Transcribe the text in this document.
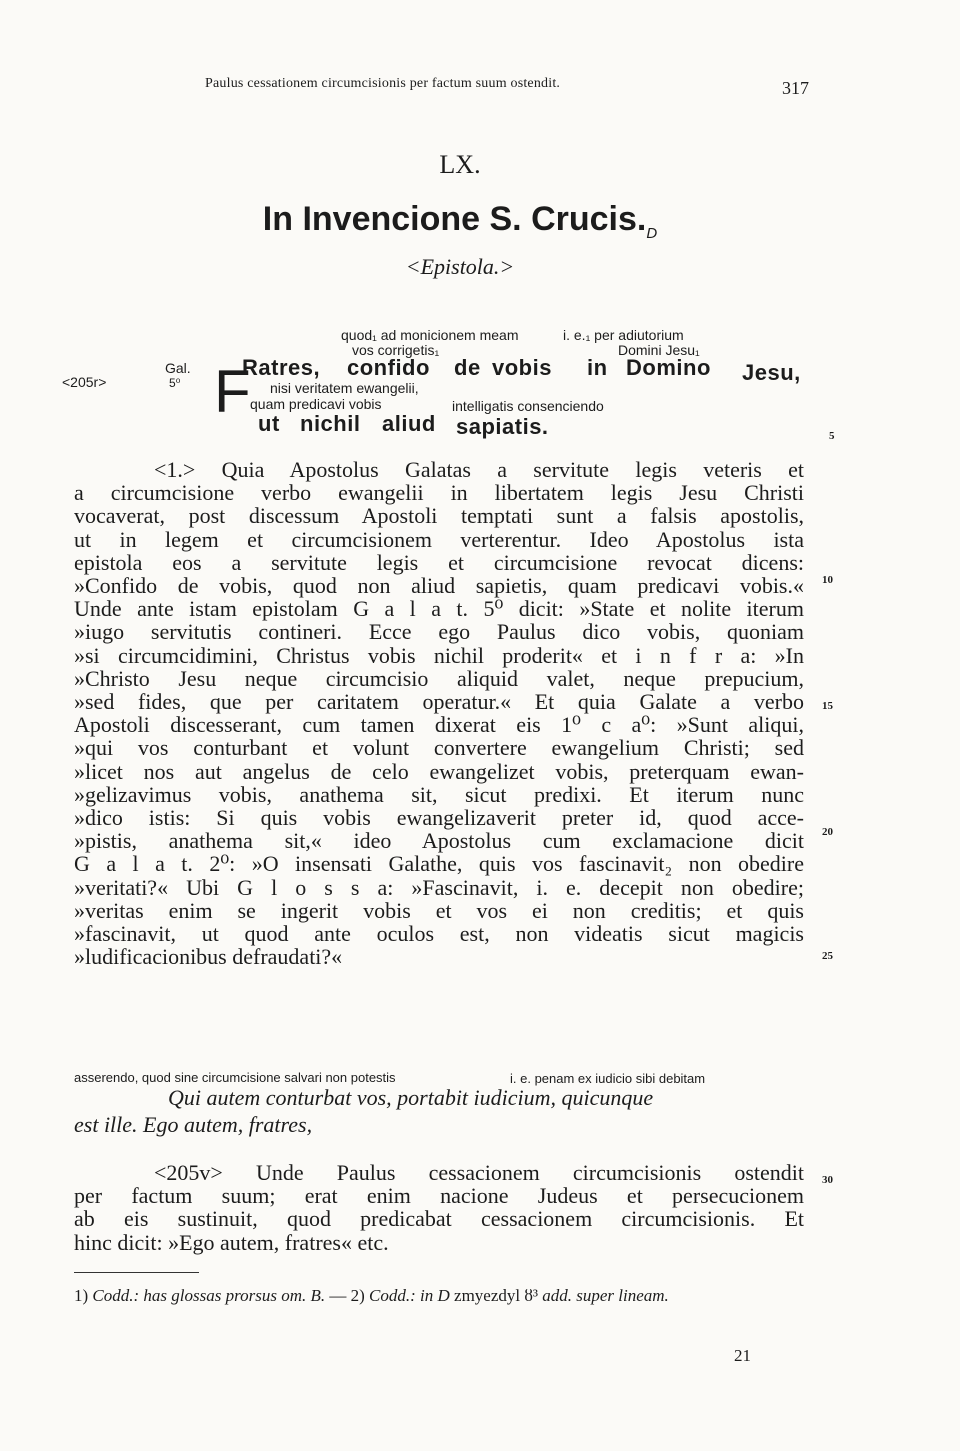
Paulus cessationem circumcisionis per factum suum ostendit.	317
LX.
In Invencione S. $Crucis._D$
<Epistola.>
<205r>
Gal.
5⁰
quod₁ ad monicionem meam
vos corrigetis₁
i. e.₁ per adiutorium
Domini Jesu₁
F
Ratres, confido de vobis in Domino Jesu,
nisi veritatem ewangelii,
quam predicavi vobis	intelligatis consenciendo
ut nichil aliud sapiatis.	5
10
15
20
25
30

<1.> Quia Apostolus Galatas a servitute legis veteris et

a circumcisione verbo ewangelii in libertatem legis Jesu Christi

vocaverat, post discessum Apostoli temptati sunt a falsis apostolis,

ut in legem et circumcisionem verterentur. Ideo Apostolus ista

epistola eos a servitute legis et circumcisione revocat dicens:

»Confido de vobis, quod non aliud sapietis, quam predicavi vobis.«

Unde ante istam epistolam G a l a t. 5⁰ dicit: »State et nolite iterum

»iugo servitutis contineri. Ecce ego Paulus dico vobis, quoniam

»si circumcidimini, Christus vobis nichil proderit« et i n f r a: »In

»Christo Jesu neque circumcisio aliquid valet, neque prepucium,

»sed fides, que per caritatem operatur.« Et quia Galate a verbo

Apostoli discesserant, cum tamen dixerat eis 1⁰ c a⁰: »Sunt aliqui,

»qui vos conturbant et volunt convertere ewangelium Christi; sed

»licet nos aut angelus de celo ewangelizet vobis, preterquam ewan-

»gelizavimus vobis, anathema sit, sicut predixi. Et iterum nunc

»dico istis: Si quis vobis ewangelizaverit preter id, quod acce-

»pistis, anathema sit,« ideo Apostolus cum exclamacione dicit

G a l a t. 2⁰: »O insensati Galathe, quis vos fascinavit₂ non obedire

»veritati?« Ubi G l o s s a: »Fascinavit, i. e. decepit non obedire;

»veritas enim se ingerit vobis et vos ei non creditis; et quis

»fascinavit, ut quod ante oculos est, non videatis sicut magicis

»ludificacionibus defraudati?«

asserendo, quod sine circumcisione salvari non potestis	i. e. penam ex iudicio sibi debitam
Qui autem conturbat vos, portabit iudicium, quicunque
est ille. Ego autem, fratres,

<205v> Unde Paulus cessacionem circumcisionis ostendit

per factum suum; erat enim nacione Judeus et persecucionem

ab eis sustinuit, quod predicabat cessacionem circumcisionis. Et

hinc dicit: »Ego autem, fratres« etc.

1) Codd.: has glossas prorsus om. B. — 2) Codd.: in D zmyezdyl ȣ³ add. super lineam.
21
